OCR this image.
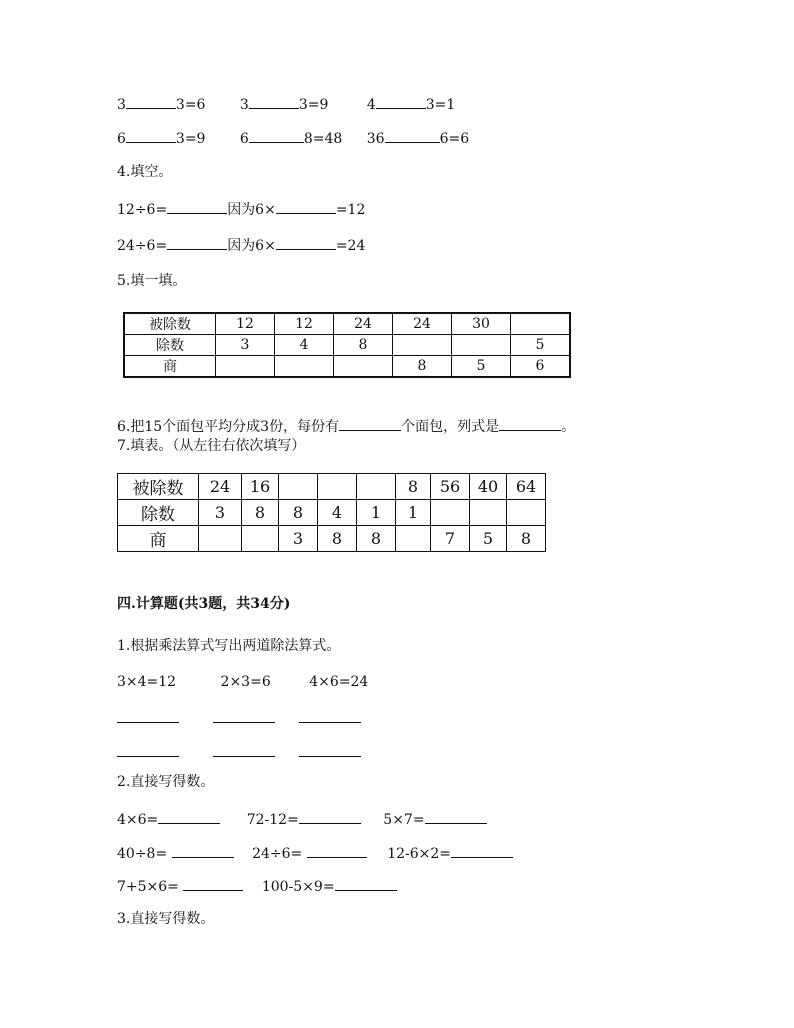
3	3=6 3	3=9	4	3=1
6	3=9 6	8=48 36	6=6
4.填空。
12÷6=	因为6×	=12
24÷6=	因为6×	=24
5.填一填。
被除数	12	12	24	24	30	
除数	3	4	8			5
商				8	5	6
6.把15个面包平均分成3份，每份有	个面包，列式是	。
7.填表。（从左往右依次填写）
被除数	24	16				8	56	40	64
除数	3	8	8	4	1	1			
商			3	8	8		7	5	8
四.计算题(共3题，共34分)
1.根据乘法算式写出两道除法算式。
3×4=12	2×3=6	4×6=24
2.直接写得数。
4×6=	72-12=	5×7=
40÷8=	24÷6=	12-6×2=
7+5×6=	100-5×9=
3.直接写得数。
